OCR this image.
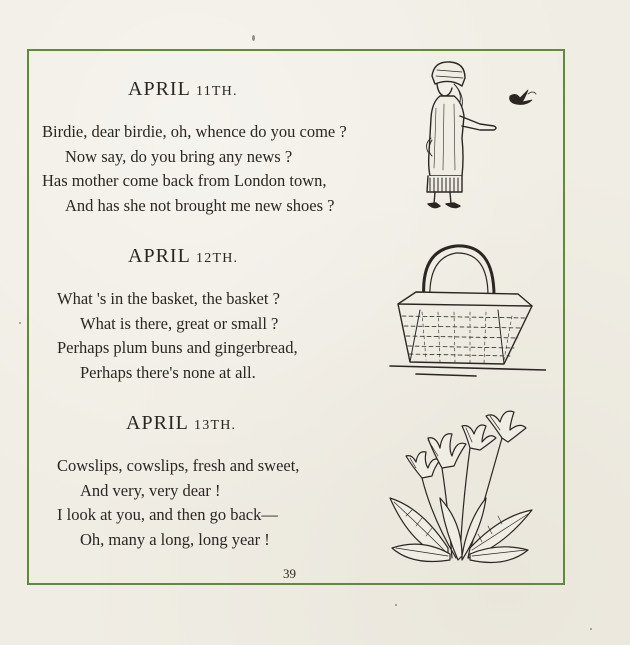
APRIL 11TH.
Birdie, dear birdie, oh, whence do you come ?
Now say, do you bring any news ?
Has mother come back from London town,
And has she not brought me new shoes ?
APRIL 12TH.
What 's in the basket, the basket ?
What is there, great or small ?
Perhaps plum buns and gingerbread,
Perhaps there's none at all.
APRIL 13TH.
Cowslips, cowslips, fresh and sweet,
And very, very dear !
I look at you, and then go back—
Oh, many a long, long year !
39
